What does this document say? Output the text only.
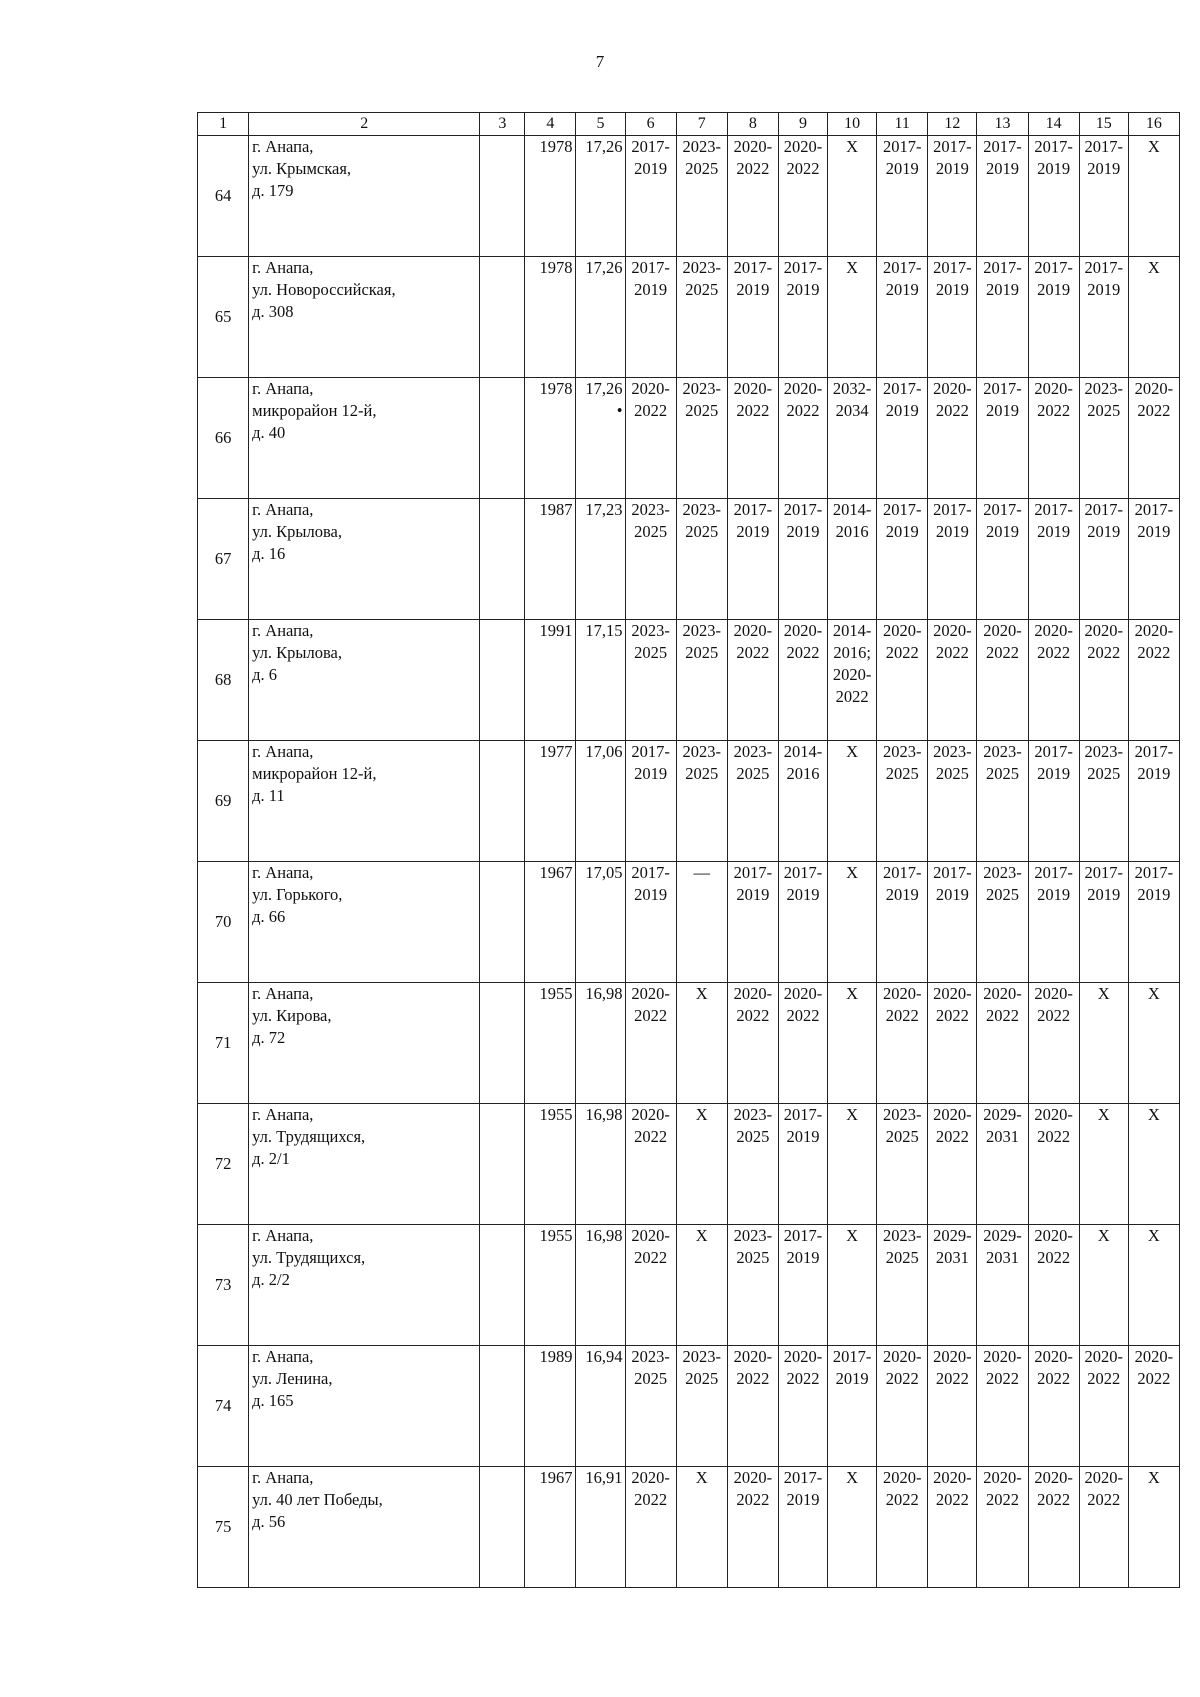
7
1	2	3	4	5	6	7	8	9	10	11	12	13	14	15	16

64	г. Анапа,
ул. Крымская,
д. 179		1978	17,26	2017-
2019	2023-
2025	2020-
2022	2020-
2022	X	2017-
2019	2017-
2019	2017-
2019	2017-
2019	2017-
2019	X

65	г. Анапа,
ул. Новороссийская,
д. 308		1978	17,26	2017-
2019	2023-
2025	2017-
2019	2017-
2019	X	2017-
2019	2017-
2019	2017-
2019	2017-
2019	2017-
2019	X

66	г. Анапа,
микрорайон 12-й,
д. 40		1978	17,26
•	2020-
2022	2023-
2025	2020-
2022	2020-
2022	2032-
2034	2017-
2019	2020-
2022	2017-
2019	2020-
2022	2023-
2025	2020-
2022

67	г. Анапа,
ул. Крылова,
д. 16		1987	17,23	2023-
2025	2023-
2025	2017-
2019	2017-
2019	2014-
2016	2017-
2019	2017-
2019	2017-
2019	2017-
2019	2017-
2019	2017-
2019

68	г. Анапа,
ул. Крылова,
д. 6		1991	17,15	2023-
2025	2023-
2025	2020-
2022	2020-
2022	2014-
2016;
2020-
2022	2020-
2022	2020-
2022	2020-
2022	2020-
2022	2020-
2022	2020-
2022

69	г. Анапа,
микрорайон 12-й,
д. 11		1977	17,06	2017-
2019	2023-
2025	2023-
2025	2014-
2016	X	2023-
2025	2023-
2025	2023-
2025	2017-
2019	2023-
2025	2017-
2019

70	г. Анапа,
ул. Горького,
д. 66		1967	17,05	2017-
2019	—	2017-
2019	2017-
2019	X	2017-
2019	2017-
2019	2023-
2025	2017-
2019	2017-
2019	2017-
2019

71	г. Анапа,
ул. Кирова,
д. 72		1955	16,98	2020-
2022	X	2020-
2022	2020-
2022	X	2020-
2022	2020-
2022	2020-
2022	2020-
2022	X	X

72	г. Анапа,
ул. Трудящихся,
д. 2/1		1955	16,98	2020-
2022	X	2023-
2025	2017-
2019	X	2023-
2025	2020-
2022	2029-
2031	2020-
2022	X	X

73	г. Анапа,
ул. Трудящихся,
д. 2/2		1955	16,98	2020-
2022	X	2023-
2025	2017-
2019	X	2023-
2025	2029-
2031	2029-
2031	2020-
2022	X	X

74	г. Анапа,
ул. Ленина,
д. 165		1989	16,94	2023-
2025	2023-
2025	2020-
2022	2020-
2022	2017-
2019	2020-
2022	2020-
2022	2020-
2022	2020-
2022	2020-
2022	2020-
2022

75	г. Анапа,
ул. 40 лет Победы,
д. 56		1967	16,91	2020-
2022	X	2020-
2022	2017-
2019	X	2020-
2022	2020-
2022	2020-
2022	2020-
2022	2020-
2022	X
